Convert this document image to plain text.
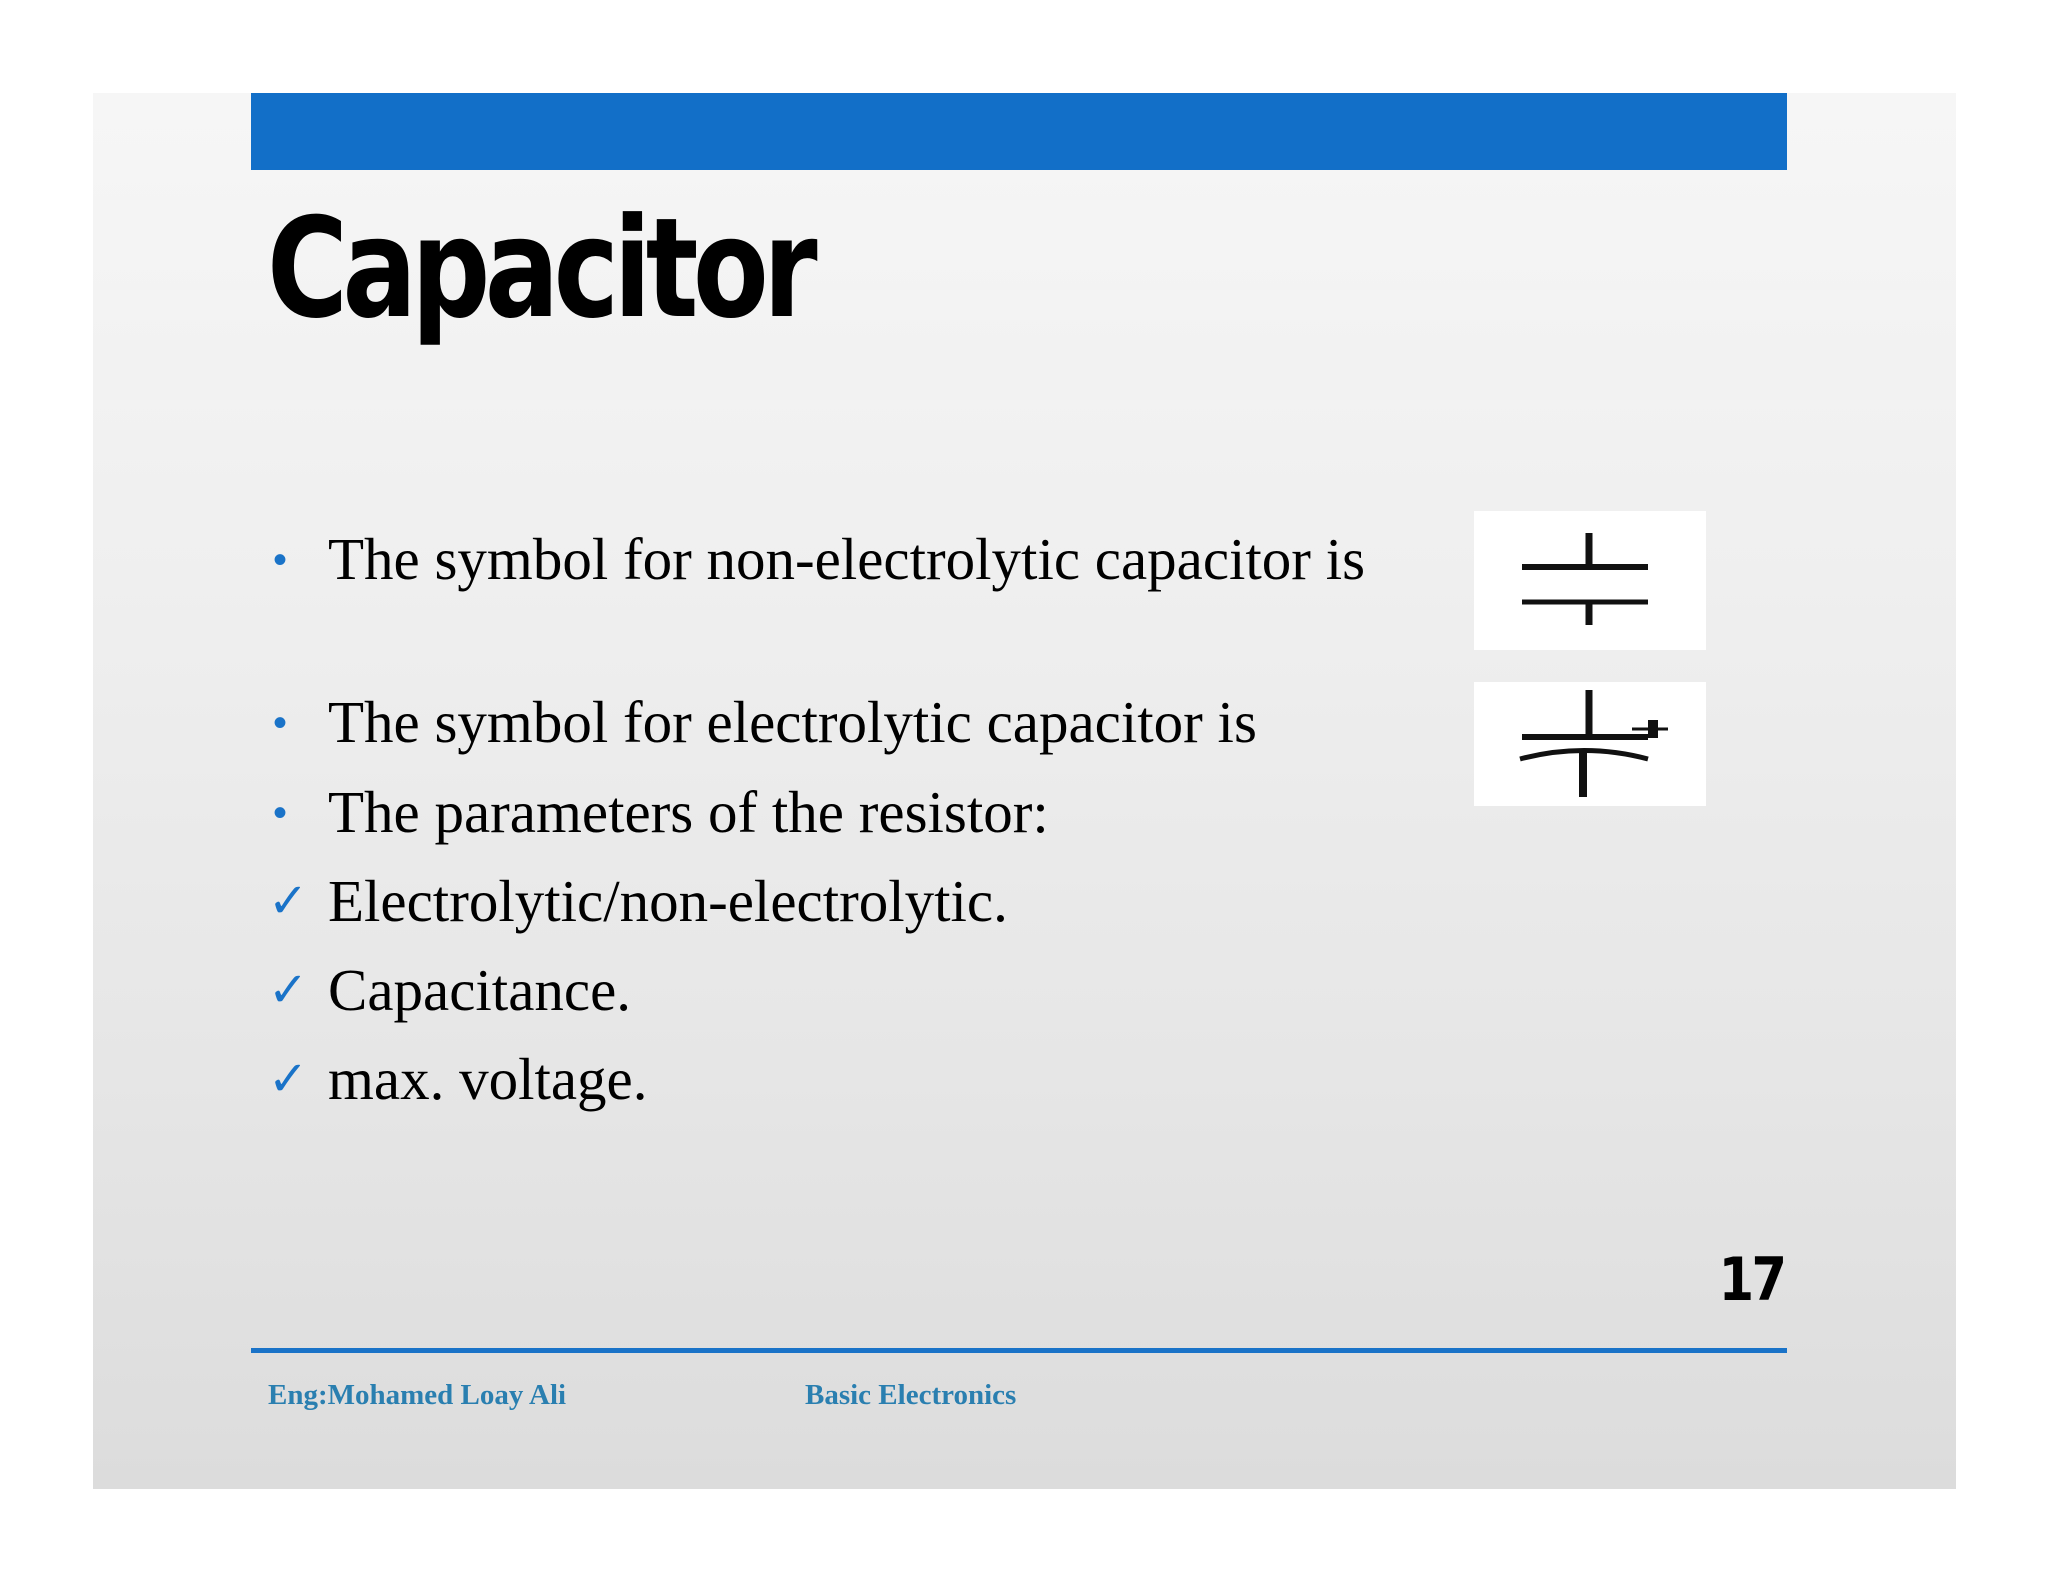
Capacitor
• The symbol for non-electrolytic capacitor is
• The symbol for electrolytic capacitor is
• The parameters of the resistor:
✓ Electrolytic/non-electrolytic.
✓ Capacitance.
✓ max. voltage.
17
Eng:Mohamed Loay Ali	Basic Electronics
